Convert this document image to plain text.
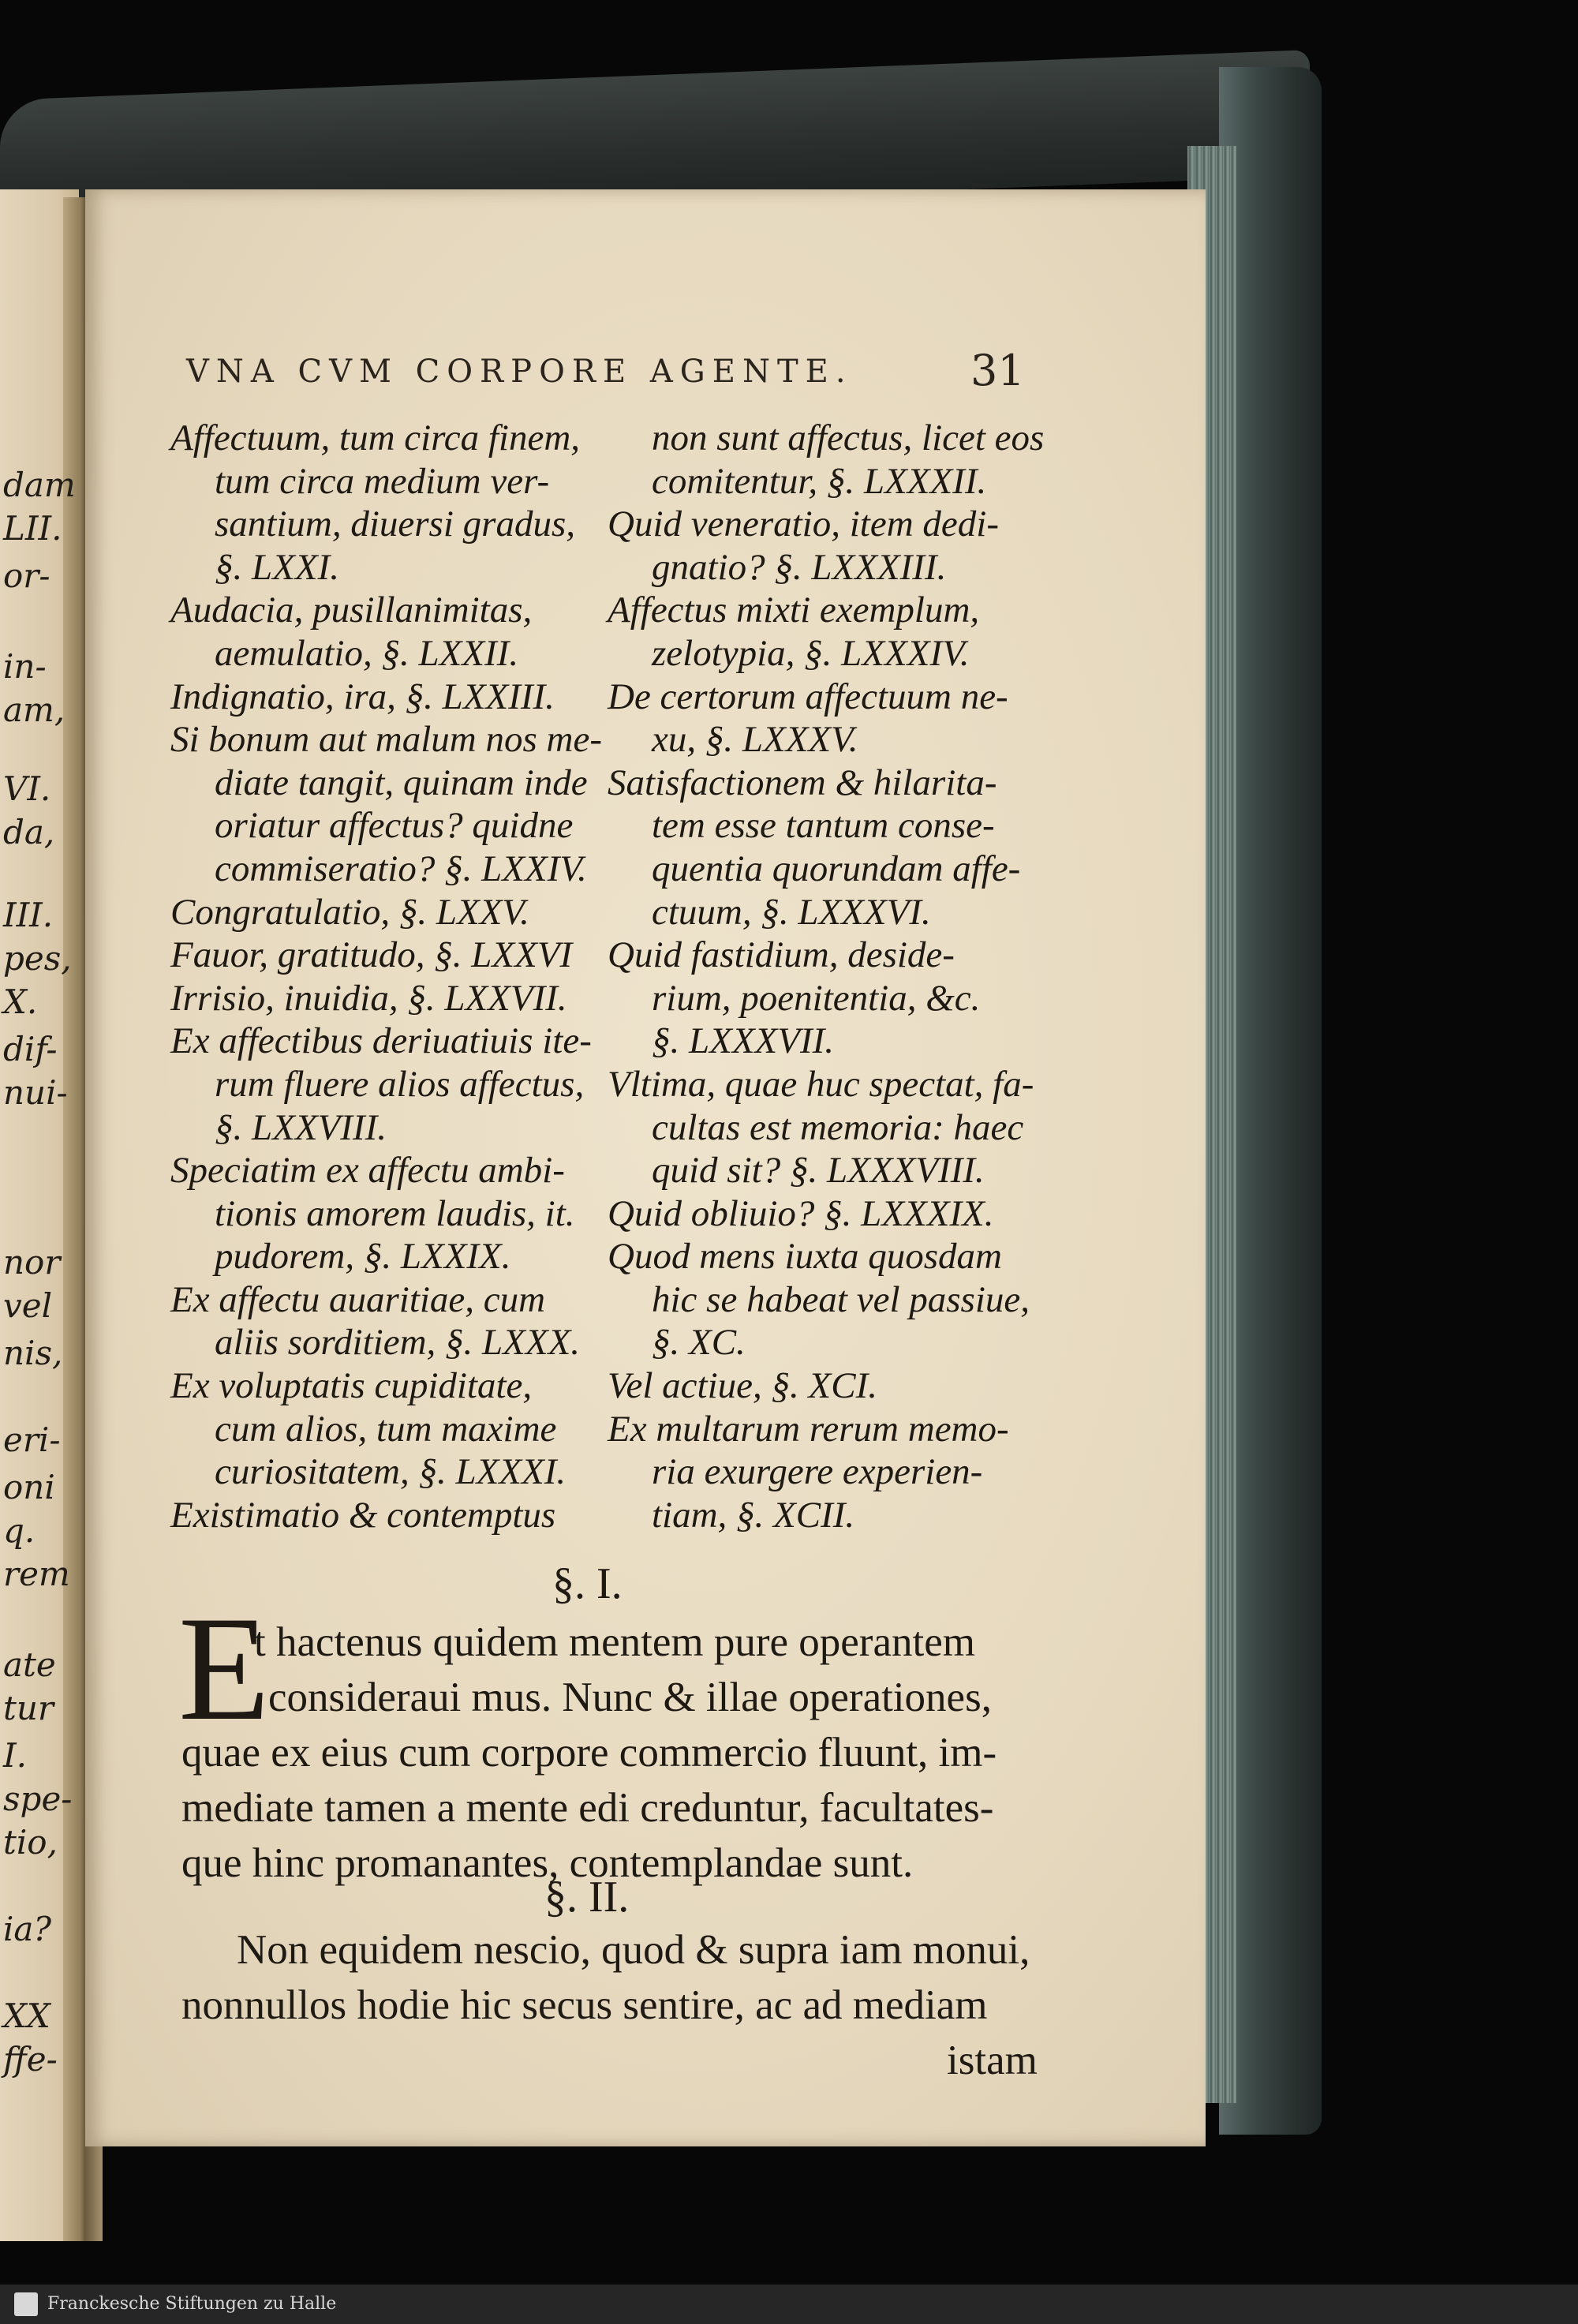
dam
LII.
or-
in-
am,
VI.
da,
III.
pes,
X.
dif-
nui-
nor
vel
nis,
eri-
oni
q.
rem
ate
tur
I.
spe-
tio,
ia?
XX
ffe-
VNA CVM CORPORE AGENTE.	31
Affectuum, tum circa finem,
tum circa medium ver-
santium, diuersi gradus,
§. LXXI.
Audacia, pusillanimitas,
aemulatio, §. LXXII.
Indignatio, ira, §. LXXIII.
Si bonum aut malum nos me-
diate tangit, quinam inde
oriatur affectus? quidne
commiseratio? §. LXXIV.
Congratulatio, §. LXXV.
Fauor, gratitudo, §. LXXVI
Irrisio, inuidia, §. LXXVII.
Ex affectibus deriuatiuis ite-
rum fluere alios affectus,
§. LXXVIII.
Speciatim ex affectu ambi-
tionis amorem laudis, it.
pudorem, §. LXXIX.
Ex affectu auaritiae, cum
aliis sorditiem, §. LXXX.
Ex voluptatis cupiditate,
cum alios, tum maxime
curiositatem, §. LXXXI.
Existimatio & contemptus
non sunt affectus, licet eos
comitentur, §. LXXXII.
Quid veneratio, item dedi-
gnatio? §. LXXXIII.
Affectus mixti exemplum,
zelotypia, §. LXXXIV.
De certorum affectuum ne-
xu, §. LXXXV.
Satisfactionem & hilarita-
tem esse tantum conse-
quentia quorundam affe-
ctuum, §. LXXXVI.
Quid fastidium, deside-
rium, poenitentia, &c.
§. LXXXVII.
Vltima, quae huc spectat, fa-
cultas est memoria: haec
quid sit? §. LXXXVIII.
Quid obliuio? §. LXXXIX.
Quod mens iuxta quosdam
hic se habeat vel passiue,
§. XC.
Vel actiue, §. XCI.
Ex multarum rerum memo-
ria exurgere experien-
tiam, §. XCII.
§. I.
E
t hactenus quidem mentem pure operantem
consideraui mus. Nunc & illae operationes,
quae ex eius cum corpore commercio fluunt, im-
mediate tamen a mente edi creduntur, facultates-
que hinc promanantes, contemplandae sunt.
§. II.
Non equidem nescio, quod & supra iam monui,
nonnullos hodie hic secus sentire, ac ad mediam
istam
Franckesche Stiftungen zu Halle
